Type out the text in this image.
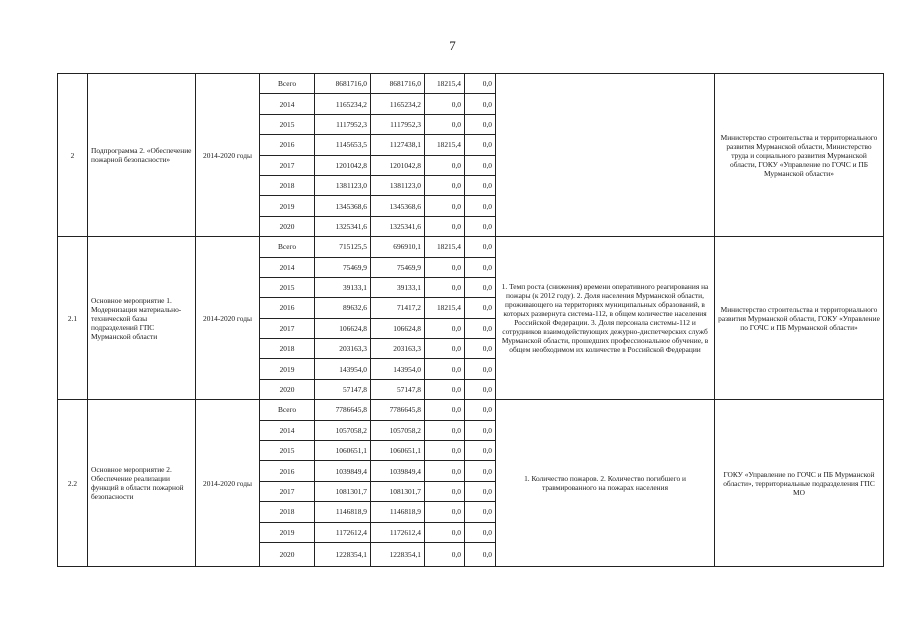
7
2	Подпрограмма 2. «Обеспечение пожарной безопасности»	2014-2020 годы	Всего	8681716,0	8681716,0	18215,4	0,0		Министерство строительства и территориального развития Мурманской области, Министерство труда и социального развития Мурманской области, ГОКУ «Управление по ГОЧС и ПБ Мурманской области»
			2014	1165234,2	1165234,2	0,0	0,0		
			2015	1117952,3	1117952,3	0,0	0,0		
			2016	1145653,5	1127438,1	18215,4	0,0		
			2017	1201042,8	1201042,8	0,0	0,0		
			2018	1381123,0	1381123,0	0,0	0,0		
			2019	1345368,6	1345368,6	0,0	0,0		
			2020	1325341,6	1325341,6	0,0	0,0		
2.1	Основное мероприятие 1. Модернизация материально-технической базы подразделений ГПС Мурманской области	2014-2020 годы	Всего	715125,5	696910,1	18215,4	0,0	1. Темп роста (снижения) времени оперативного реагирования на пожары (к 2012 году). 2. Доля населения Мурманской области, проживающего на территориях муниципальных образований, в которых развернута система-112, в общем количестве населения Российской Федерации. 3. Доля персонала системы-112 и сотрудников взаимодействующих дежурно-диспетчерских служб Мурманской области, прошедших профессиональное обучение, в общем необходимом их количестве в Российской Федерации	Министерство строительства и территориального развития Мурманской области, ГОКУ «Управление по ГОЧС и ПБ Мурманской области»
			2014	75469,9	75469,9	0,0	0,0		
			2015	39133,1	39133,1	0,0	0,0		
			2016	89632,6	71417,2	18215,4	0,0		
			2017	106624,8	106624,8	0,0	0,0		
			2018	203163,3	203163,3	0,0	0,0		
			2019	143954,0	143954,0	0,0	0,0		
			2020	57147,8	57147,8	0,0	0,0		
2.2	Основное мероприятие 2. Обеспечение реализации функций в области пожарной безопасности	2014-2020 годы	Всего	7786645,8	7786645,8	0,0	0,0	1. Количество пожаров. 2. Количество погибшего и травмированного на пожарах населения	ГОКУ «Управление по ГОЧС и ПБ Мурманской области», территориальные подразделения ГПС МО
			2014	1057058,2	1057058,2	0,0	0,0		
			2015	1060651,1	1060651,1	0,0	0,0		
			2016	1039849,4	1039849,4	0,0	0,0		
			2017	1081301,7	1081301,7	0,0	0,0		
			2018	1146818,9	1146818,9	0,0	0,0		
			2019	1172612,4	1172612,4	0,0	0,0		
			2020	1228354,1	1228354,1	0,0	0,0		
